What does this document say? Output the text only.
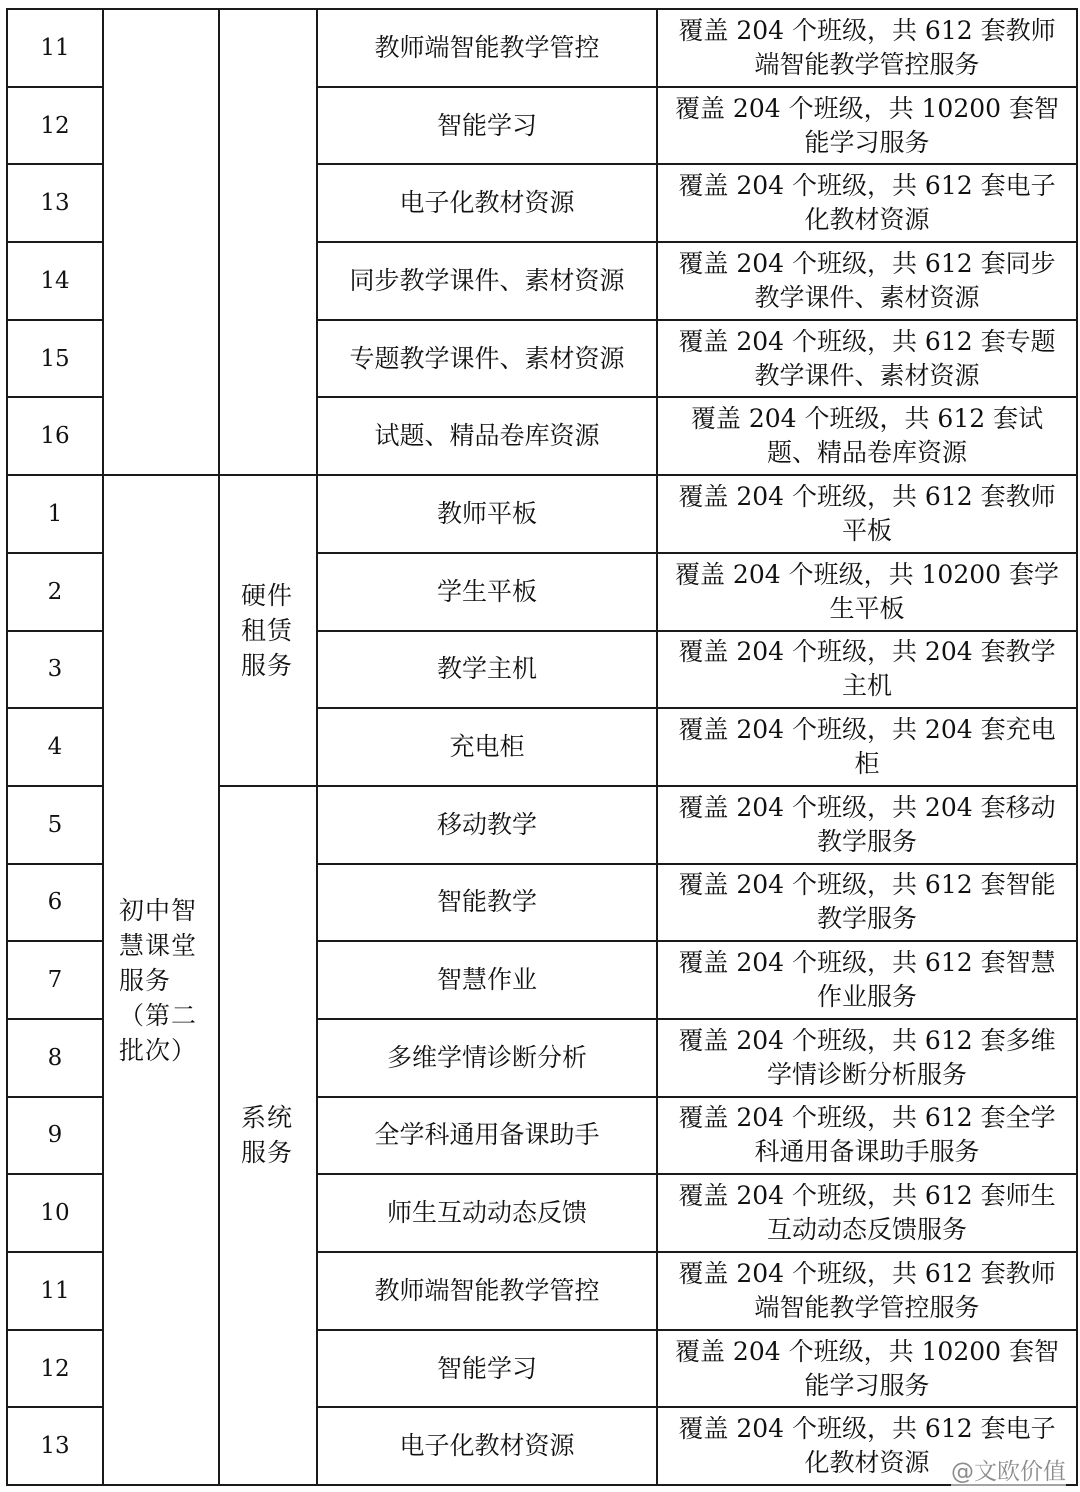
11			教师端智能教学管控	覆盖 204 个班级，共 612 套教师端智能教学管控服务
12			智能学习	覆盖 204 个班级，共 10200 套智能学习服务
13			电子化教材资源	覆盖 204 个班级，共 612 套电子化教材资源
14			同步教学课件、素材资源	覆盖 204 个班级，共 612 套同步教学课件、素材资源
15			专题教学课件、素材资源	覆盖 204 个班级，共 612 套专题教学课件、素材资源
16			试题、精品卷库资源	覆盖 204 个班级，共 612 套试题、精品卷库资源
1	初中智慧课堂服务（第二批次）	硬件租赁服务	教师平板	覆盖 204 个班级，共 612 套教师平板
2			学生平板	覆盖 204 个班级，共 10200 套学生平板
3			教学主机	覆盖 204 个班级，共 204 套教学主机
4			充电柜	覆盖 204 个班级，共 204 套充电柜
5		系统服务	移动教学	覆盖 204 个班级，共 204 套移动教学服务
6			智能教学	覆盖 204 个班级，共 612 套智能教学服务
7			智慧作业	覆盖 204 个班级，共 612 套智慧作业服务
8			多维学情诊断分析	覆盖 204 个班级，共 612 套多维学情诊断分析服务
9			全学科通用备课助手	覆盖 204 个班级，共 612 套全学科通用备课助手服务
10			师生互动动态反馈	覆盖 204 个班级，共 612 套师生互动动态反馈服务
11			教师端智能教学管控	覆盖 204 个班级，共 612 套教师端智能教学管控服务
12			智能学习	覆盖 204 个班级，共 10200 套智能学习服务
13			电子化教材资源	覆盖 204 个班级，共 612 套电子化教材资源 @文欧价值
